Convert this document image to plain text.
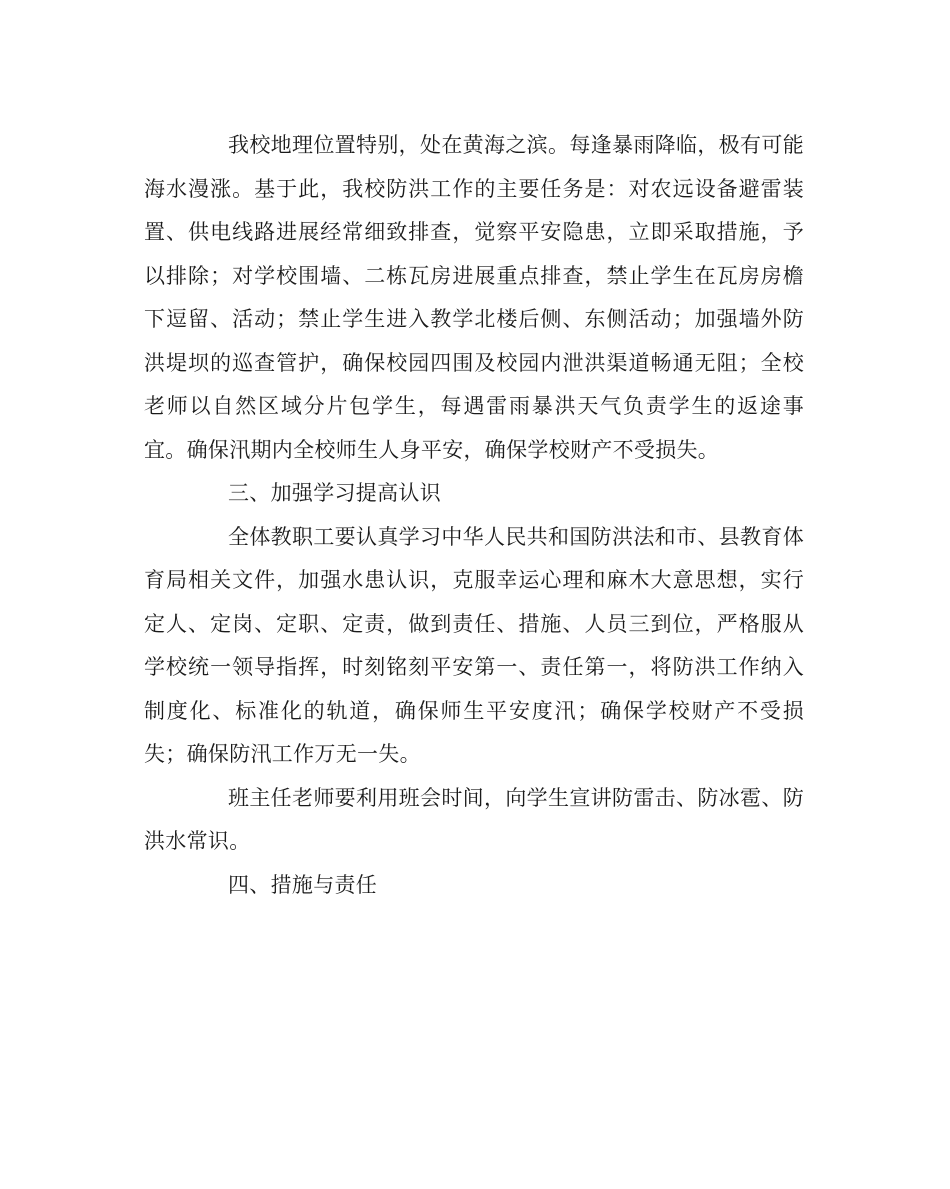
我校地理位置特别，处在黄海之滨。每逢暴雨降临，极有可能海水漫涨。基于此，我校防洪工作的主要任务是：对农远设备避雷装置、供电线路进展经常细致排查，觉察平安隐患，立即采取措施，予以排除；对学校围墙、二栋瓦房进展重点排查，禁止学生在瓦房房檐下逗留、活动；禁止学生进入教学北楼后侧、东侧活动；加强墙外防洪堤坝的巡查管护，确保校园四围及校园内泄洪渠道畅通无阻；全校老师以自然区域分片包学生，每遇雷雨暴洪天气负责学生的返途事宜。确保汛期内全校师生人身平安，确保学校财产不受损失。

三、加强学习提高认识

全体教职工要认真学习中华人民共和国防洪法和市、县教育体育局相关文件，加强水患认识，克服幸运心理和麻木大意思想，实行定人、定岗、定职、定责，做到责任、措施、人员三到位，严格服从学校统一领导指挥，时刻铭刻平安第一、责任第一，将防洪工作纳入制度化、标准化的轨道，确保师生平安度汛；确保学校财产不受损失；确保防汛工作万无一失。

班主任老师要利用班会时间，向学生宣讲防雷击、防冰雹、防洪水常识。

四、措施与责任
